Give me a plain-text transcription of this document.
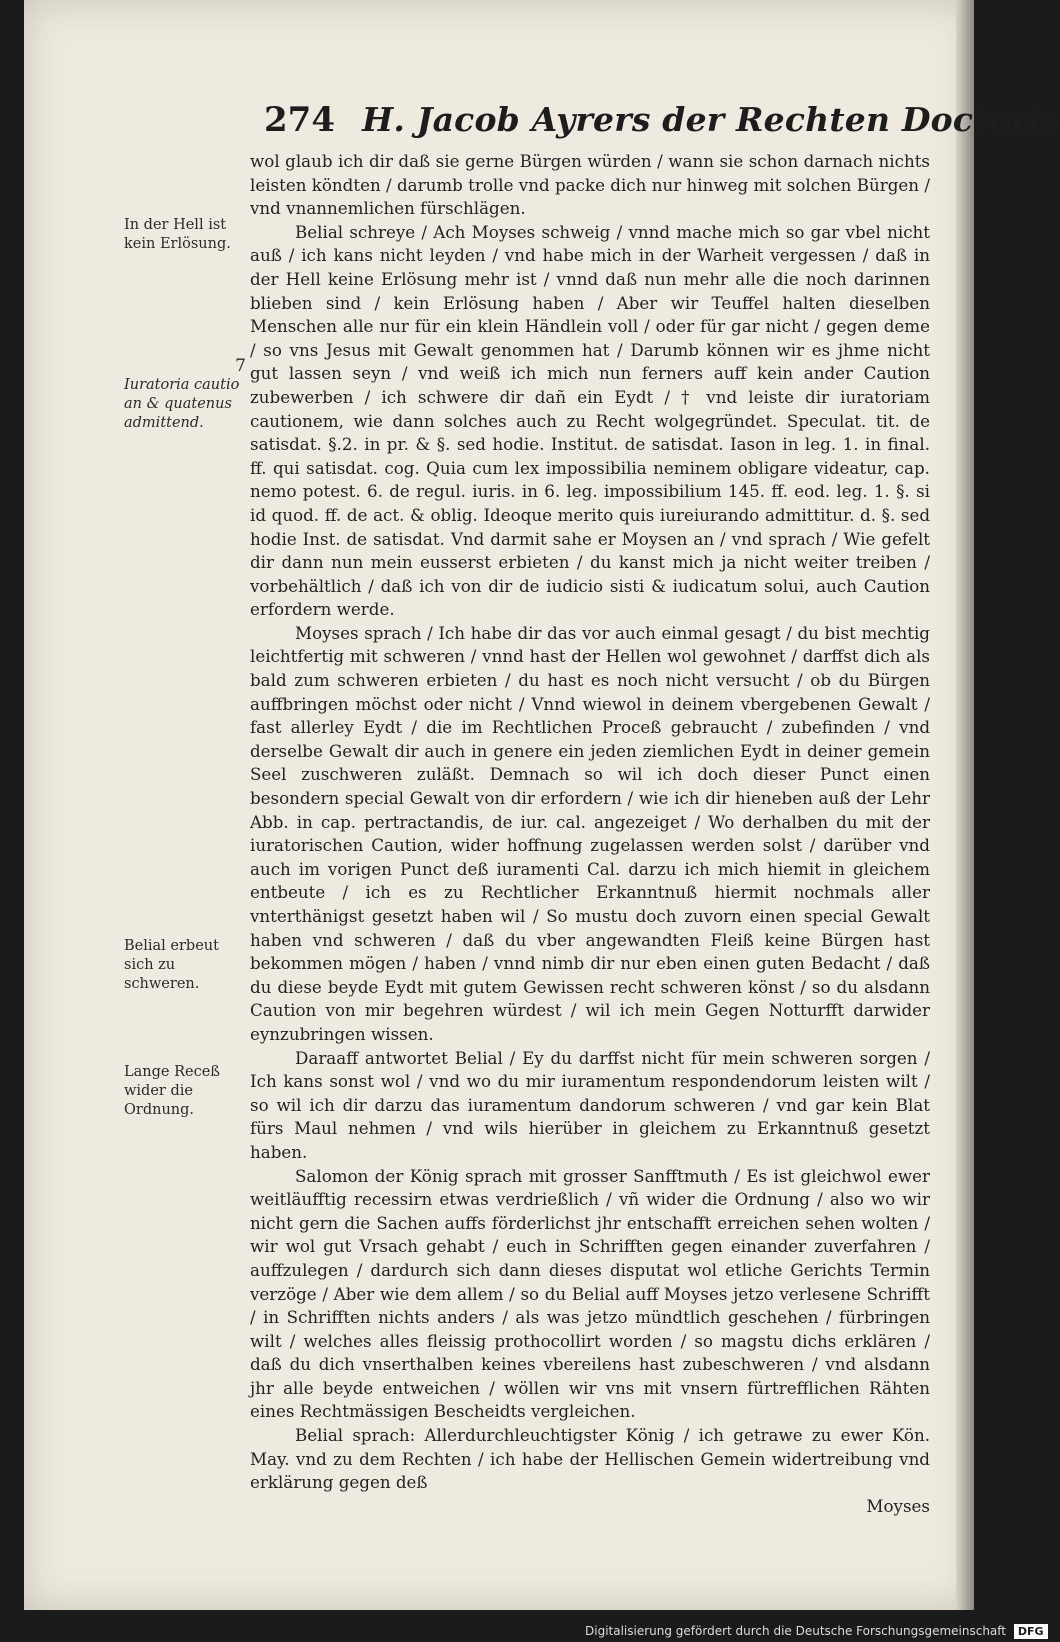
274 H. Jacob Ayrers der Rechten Doctoris
In der Hell ist kein Erlösung.
7
Iuratoria cautio an & quatenus admittend.
Belial erbeut sich zu schweren.
Lange Receß wider die Ordnung.

wol glaub ich dir daß sie gerne Bürgen würden / wann sie schon darnach nichts leisten köndten / darumb trolle vnd packe dich nur hinweg mit solchen Bürgen / vnd vnannemlichen fürschlägen.

Belial schreye / Ach Moyses schweig / vnnd mache mich so gar vbel nicht auß / ich kans nicht leyden / vnd habe mich in der Warheit vergessen / daß in der Hell keine Erlösung mehr ist / vnnd daß nun mehr alle die noch darinnen blieben sind / kein Erlösung haben / Aber wir Teuffel halten dieselben Menschen alle nur für ein klein Händlein voll / oder für gar nicht / gegen deme / so vns Jesus mit Gewalt genommen hat / Darumb können wir es jhme nicht gut lassen seyn / vnd weiß ich mich nun ferners auff kein ander Caution zubewerben / ich schwere dir dañ ein Eydt / † vnd leiste dir iuratoriam cautionem, wie dann solches auch zu Recht wolgegründet. Speculat. tit. de satisdat. §.2. in pr. & §. sed hodie. Institut. de satisdat. Iason in leg. 1. in final. ff. qui satisdat. cog. Quia cum lex impossibilia neminem obligare videatur, cap. nemo potest. 6. de regul. iuris. in 6. leg. impossibilium 145. ff. eod. leg. 1. §. si id quod. ff. de act. & oblig. Ideoque merito quis iureiurando admittitur. d. §. sed hodie Inst. de satisdat. Vnd darmit sahe er Moysen an / vnd sprach / Wie gefelt dir dann nun mein eusserst erbieten / du kanst mich ja nicht weiter treiben / vorbehältlich / daß ich von dir de iudicio sisti & iudicatum solui, auch Caution erfordern werde.

Moyses sprach / Ich habe dir das vor auch einmal gesagt / du bist mechtig leichtfertig mit schweren / vnnd hast der Hellen wol gewohnet / darffst dich als bald zum schweren erbieten / du hast es noch nicht versucht / ob du Bürgen auffbringen möchst oder nicht / Vnnd wiewol in deinem vbergebenen Gewalt / fast allerley Eydt / die im Rechtlichen Proceß gebraucht / zubefinden / vnd derselbe Gewalt dir auch in genere ein jeden ziemlichen Eydt in deiner gemein Seel zuschweren zuläßt. Demnach so wil ich doch dieser Punct einen besondern special Gewalt von dir erfordern / wie ich dir hieneben auß der Lehr Abb. in cap. pertractandis, de iur. cal. angezeiget / Wo derhalben du mit der iuratorischen Caution, wider hoffnung zugelassen werden solst / darüber vnd auch im vorigen Punct deß iuramenti Cal. darzu ich mich hiemit in gleichem entbeute / ich es zu Rechtlicher Erkanntnuß hiermit nochmals aller vnterthänigst gesetzt haben wil / So mustu doch zuvorn einen special Gewalt haben vnd schweren / daß du vber angewandten Fleiß keine Bürgen hast bekommen mögen / haben / vnnd nimb dir nur eben einen guten Bedacht / daß du diese beyde Eydt mit gutem Gewissen recht schweren könst / so du alsdann Caution von mir begehren würdest / wil ich mein Gegen Notturfft darwider eynzubringen wissen.

Daraaff antwortet Belial / Ey du darffst nicht für mein schweren sorgen / Ich kans sonst wol / vnd wo du mir iuramentum respondendorum leisten wilt / so wil ich dir darzu das iuramentum dandorum schweren / vnd gar kein Blat fürs Maul nehmen / vnd wils hierüber in gleichem zu Erkanntnuß gesetzt haben.

Salomon der König sprach mit grosser Sanfftmuth / Es ist gleichwol ewer weitläufftig recessirn etwas verdrießlich / vñ wider die Ordnung / also wo wir nicht gern die Sachen auffs förderlichst jhr entschafft erreichen sehen wolten / wir wol gut Vrsach gehabt / euch in Schrifften gegen einander zuverfahren / auffzulegen / dardurch sich dann dieses disputat wol etliche Gerichts Termin verzöge / Aber wie dem allem / so du Belial auff Moyses jetzo verlesene Schrifft / in Schrifften nichts anders / als was jetzo mündtlich geschehen / fürbringen wilt / welches alles fleissig prothocollirt worden / so magstu dichs erklären / daß du dich vnserthalben keines vbereilens hast zubeschweren / vnd alsdann jhr alle beyde entweichen / wöllen wir vns mit vnsern fürtrefflichen Rähten eines Rechtmässigen Bescheidts vergleichen.

Belial sprach: Allerdurchleuchtigster König / ich getrawe zu ewer Kön. May. vnd zu dem Rechten / ich habe der Hellischen Gemein widertreibung vnd erklärung gegen deß

Moyses
Digitalisierung gefördert durch die Deutsche Forschungsgemeinschaft DFG
